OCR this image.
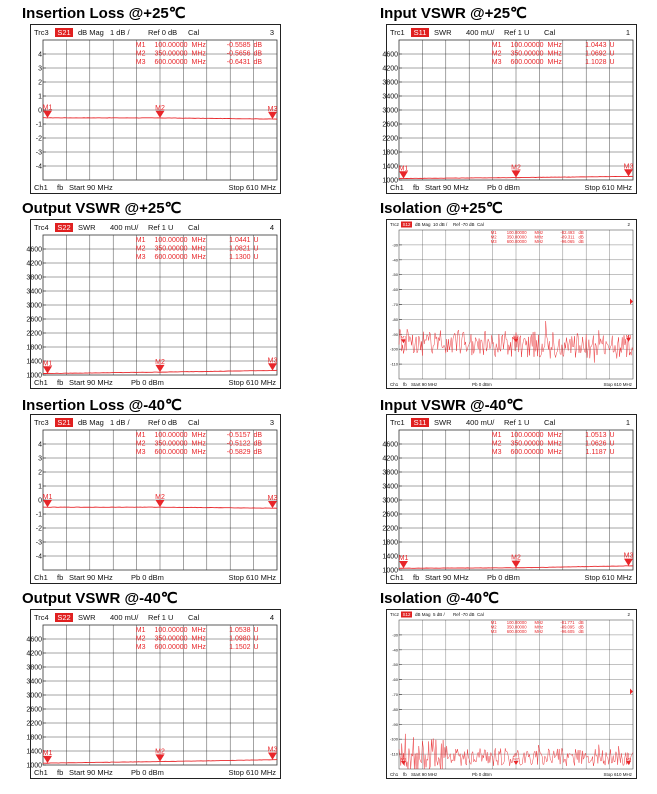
Insertion Loss @+25℃
Trc3 S21 dB Mag 1 dB / Ref 0 dB Cal	3
4
3
2
1
0
-1
-2
-3
-4
M1 100.00000 MHz	-0.5585 dB
M2 350.00000 MHz	-0.5656 dB
M3 600.00000 MHz	-0.6431 dB
M1	M2	M3
Ch1 fb Start 90 MHz	Stop 610 MHz
Input VSWR @+25℃
Trc1 S11 SWR 400 mU/ Ref 1 U Cal	1
4600
4200
3800
3400
3000
2600
2200
1800
1400
1000
M1 100.00000 MHz	1.0443 U
M2 350.00000 MHz	1.0692 U
M3 600.00000 MHz	1.1028 U
M1	M2	M3
Ch1 fb Start 90 MHz Pb 0 dBm	Stop 610 MHz
Output VSWR @+25℃
Trc4 S22 SWR 400 mU/ Ref 1 U Cal	4
4600
4200
3800
3400
3000
2600
2200
1800
1400
1000
M1 100.00000 MHz	1.0441 U
M2 350.00000 MHz	1.0821 U
M3 600.00000 MHz	1.1300 U
M1	M2	M3
Ch1 fb Start 90 MHz Pb 0 dBm	Stop 610 MHz
Isolation @+25℃
Trc2 S12 dB Mag 10 dB / Ref -70 dB Cal	2
-30
-40
-50
-60
-70
-80
-90
-100
-110
M1 100.00000 MHz	-82.493 dB
M2 350.00000 MHz	-89.311 dB
M3 600.00000 MHz	-96.065 dB
M1	M2	M3
Ch1 fb Start 90 MHz	Pb 0 dBm	Stop 610 MHz
Insertion Loss @-40℃
Trc3 S21 dB Mag 1 dB / Ref 0 dB Cal	3
4
3
2
1
0
-1
-2
-3
-4
M1 100.00000 MHz	-0.5157 dB
M2 350.00000 MHz	-0.5122 dB
M3 600.00000 MHz	-0.5829 dB
M1	M2	M3
Ch1 fb Start 90 MHz Pb 0 dBm	Stop 610 MHz
Input VSWR @-40℃
Trc1 S11 SWR 400 mU/ Ref 1 U Cal	1
4600
4200
3800
3400
3000
2600
2200
1800
1400
1000
M1 100.00000 MHz	1.0513 U
M2 350.00000 MHz	1.0626 U
M3 600.00000 MHz	1.1187 U
M1	M2	M3
Ch1 fb Start 90 MHz Pb 0 dBm	Stop 610 MHz
Output VSWR @-40℃
Trc4 S22 SWR 400 mU/ Ref 1 U Cal	4
4600
4200
3800
3400
3000
2600
2200
1800
1400
1000
M1 100.00000 MHz	1.0538 U
M2 350.00000 MHz	1.0980 U
M3 600.00000 MHz	1.1502 U
M1	M2	M3
Ch1 fb Start 90 MHz Pb 0 dBm	Stop 610 MHz
Isolation @-40℃
Trc2 S12 dB Mag 5 dB / Ref -70 dB Cal	2
-30
-40
-50
-60
-70
-80
-90
-100
-110
M1 100.00000 MHz	-81.771 dB
M2 350.00000 MHz	-89.095 dB
M3 600.00000 MHz	-96.605 dB
M1	M2	M3
Ch1 fb Start 90 MHz	Pb 0 dBm	Stop 610 MHz
